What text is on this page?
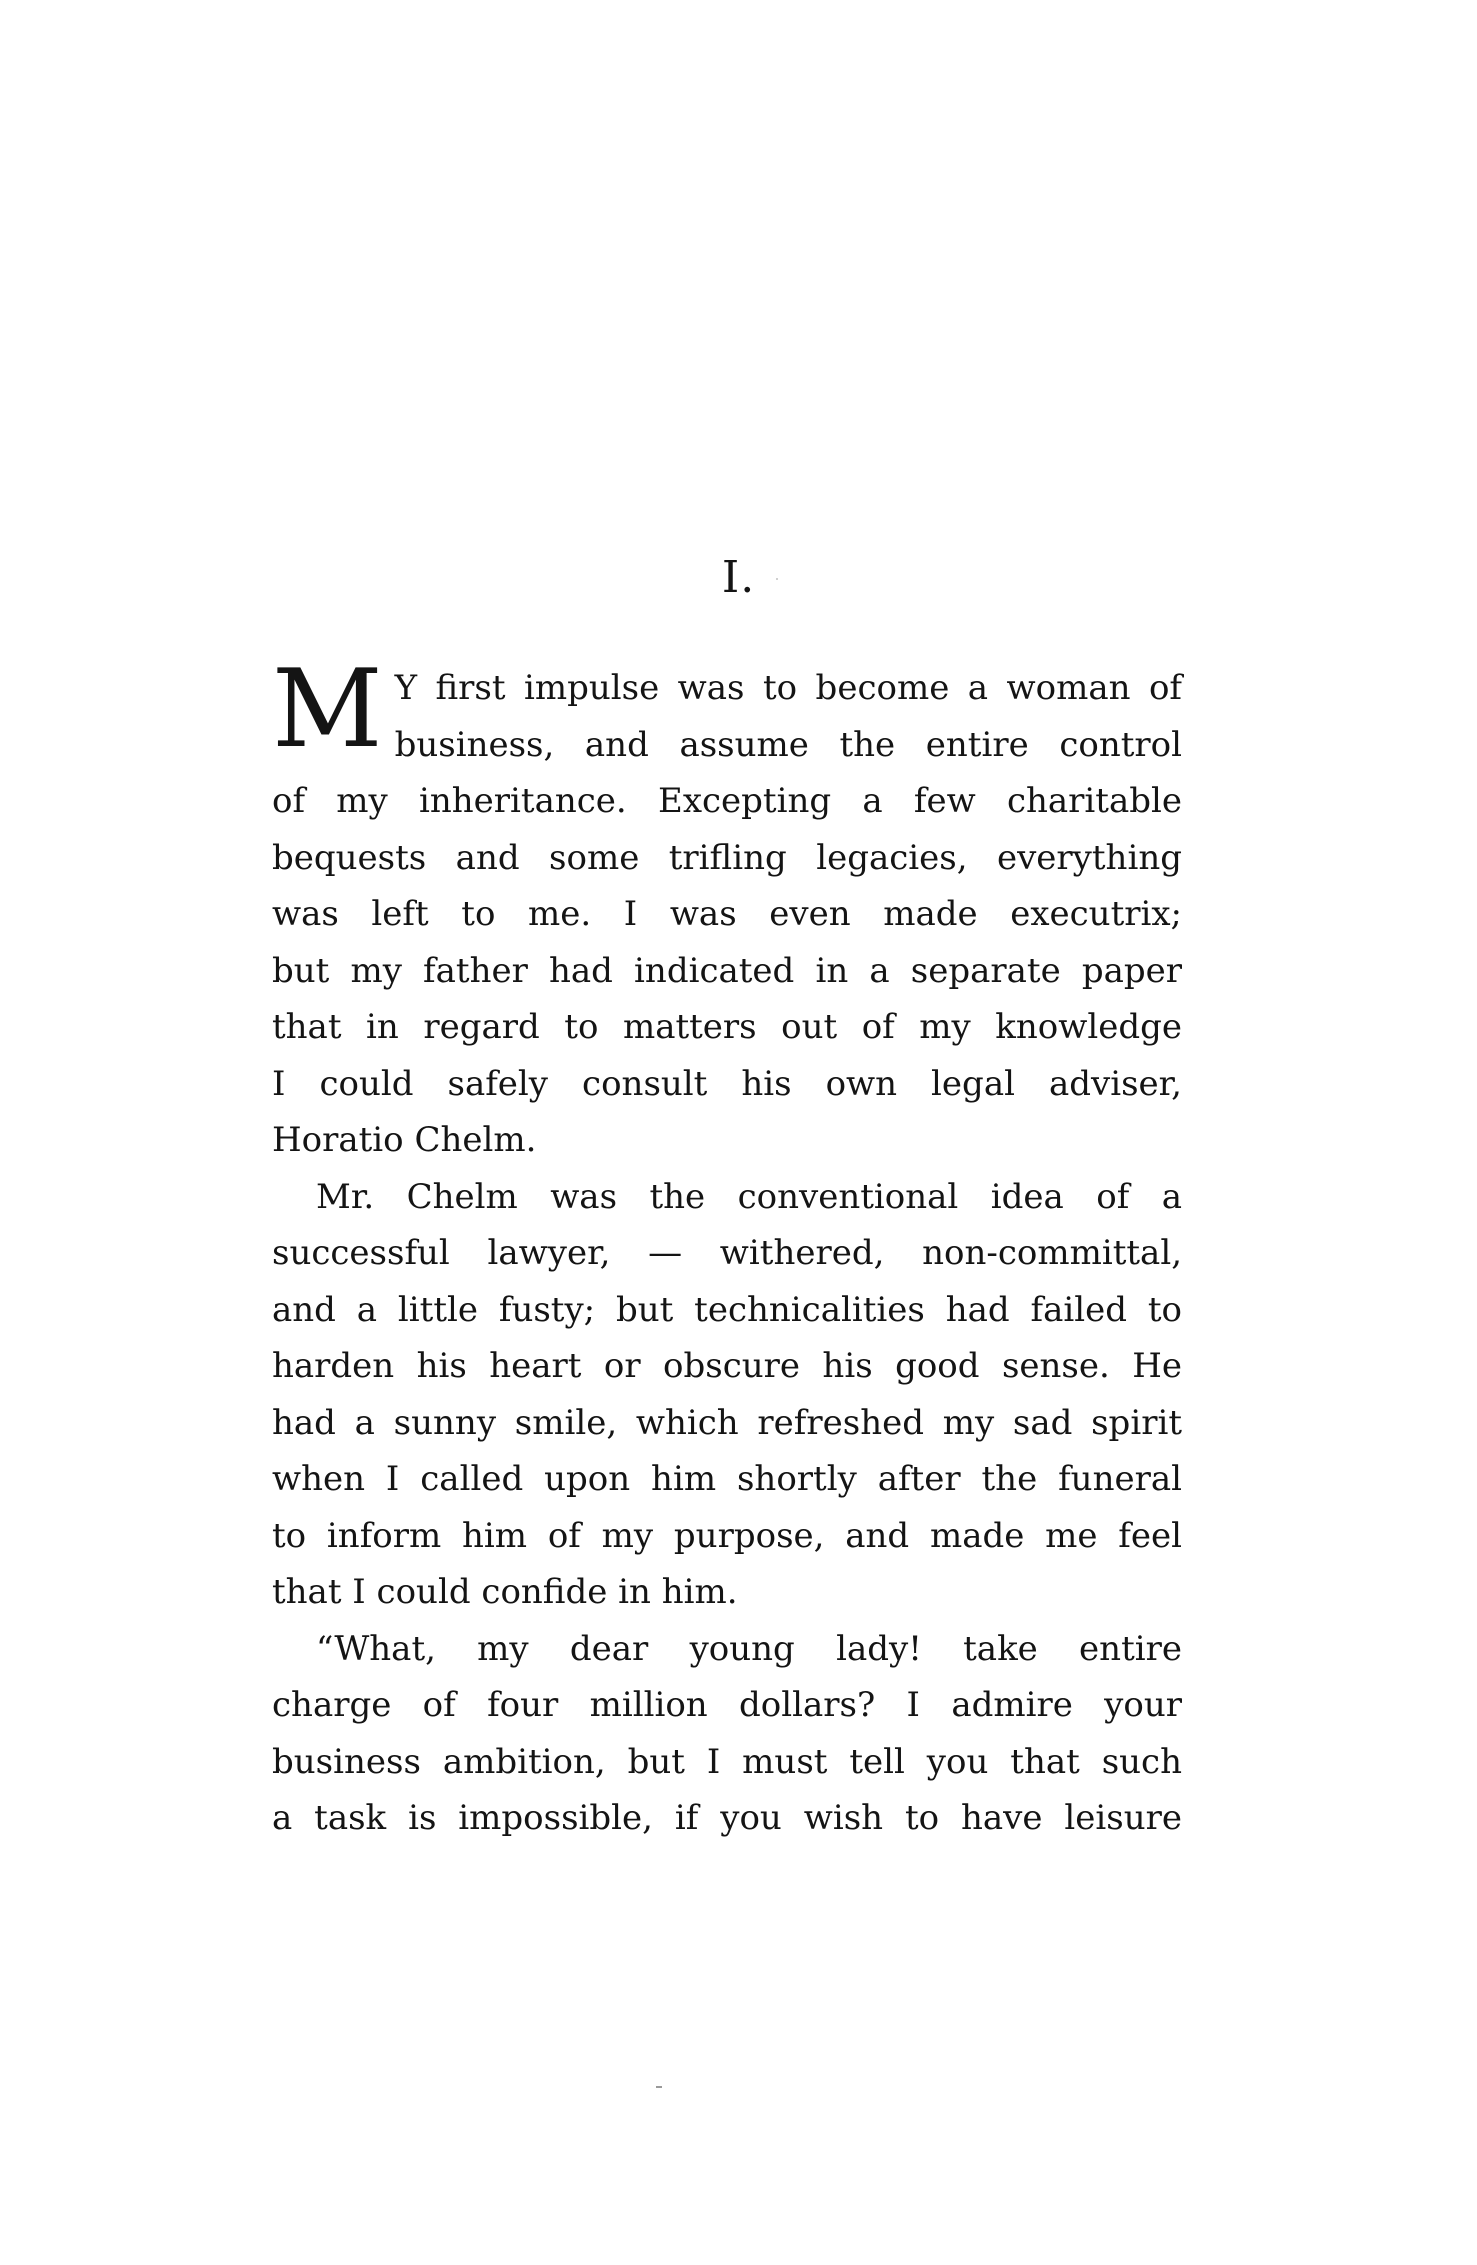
I.
M Y first impulse was to become a woman of
business, and assume the entire control
of my inheritance. Excepting a few charitable
bequests and some trifling legacies, everything
was left to me. I was even made executrix;
but my father had indicated in a separate paper
that in regard to matters out of my knowledge
I could safely consult his own legal adviser,
Horatio Chelm.
Mr. Chelm was the conventional idea of a
successful lawyer, — withered, non-committal,
and a little fusty; but technicalities had failed to
harden his heart or obscure his good sense. He
had a sunny smile, which refreshed my sad spirit
when I called upon him shortly after the funeral
to inform him of my purpose, and made me feel
that I could confide in him.
“What, my dear young lady! take entire
charge of four million dollars? I admire your
business ambition, but I must tell you that such
a task is impossible, if you wish to have leisure
